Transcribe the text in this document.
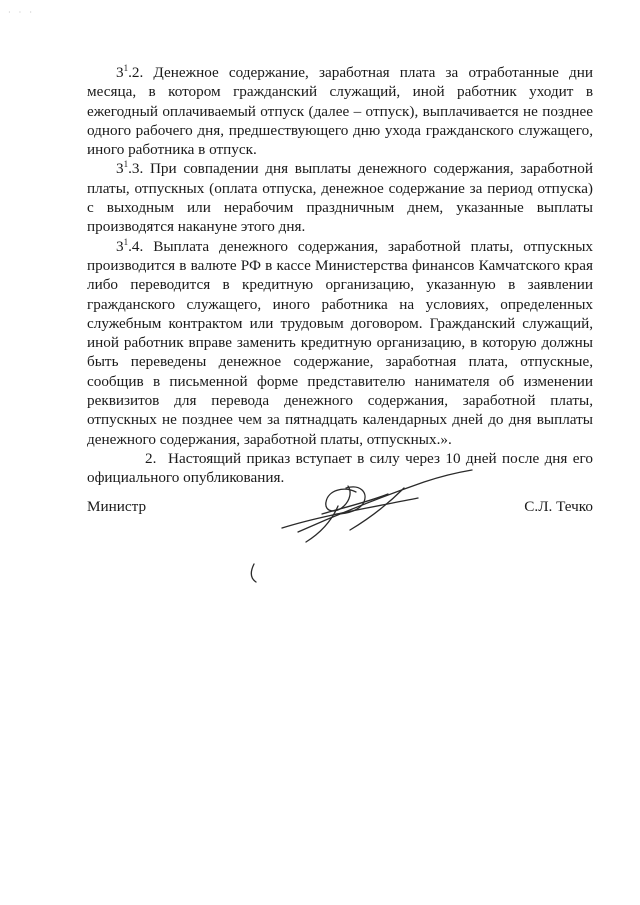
· · ·

$3^1.2$. Денежное содержание, заработная плата за отработанные дни месяца, в котором гражданский служащий, иной работник уходит в ежегодный оплачиваемый отпуск (далее – отпуск), выплачивается не позднее одного рабочего дня, предшествующего дню ухода гражданского служащего, иного работника в отпуск.

$3^1.3$. При совпадении дня выплаты денежного содержания, заработной платы, отпускных (оплата отпуска, денежное содержание за период отпуска) с выходным или нерабочим праздничным днем, указанные выплаты производятся накануне этого дня.

$3^1.4$. Выплата денежного содержания, заработной платы, отпускных производится в валюте РФ в кассе Министерства финансов Камчатского края либо переводится в кредитную организацию, указанную в заявлении гражданского служащего, иного работника на условиях, определенных служебным контрактом или трудовым договором. Гражданский служащий, иной работник вправе заменить кредитную организацию, в которую должны быть переведены денежное содержание, заработная плата, отпускные, сообщив в письменной форме представителю нанимателя об изменении реквизитов для перевода денежного содержания, заработной платы, отпускных не позднее чем за пятнадцать календарных дней до дня выплаты денежного содержания, заработной платы, отпускных.».

2. Настоящий приказ вступает в силу через 10 дней после дня его официального опубликования.

Министр	С.Л. Течко
